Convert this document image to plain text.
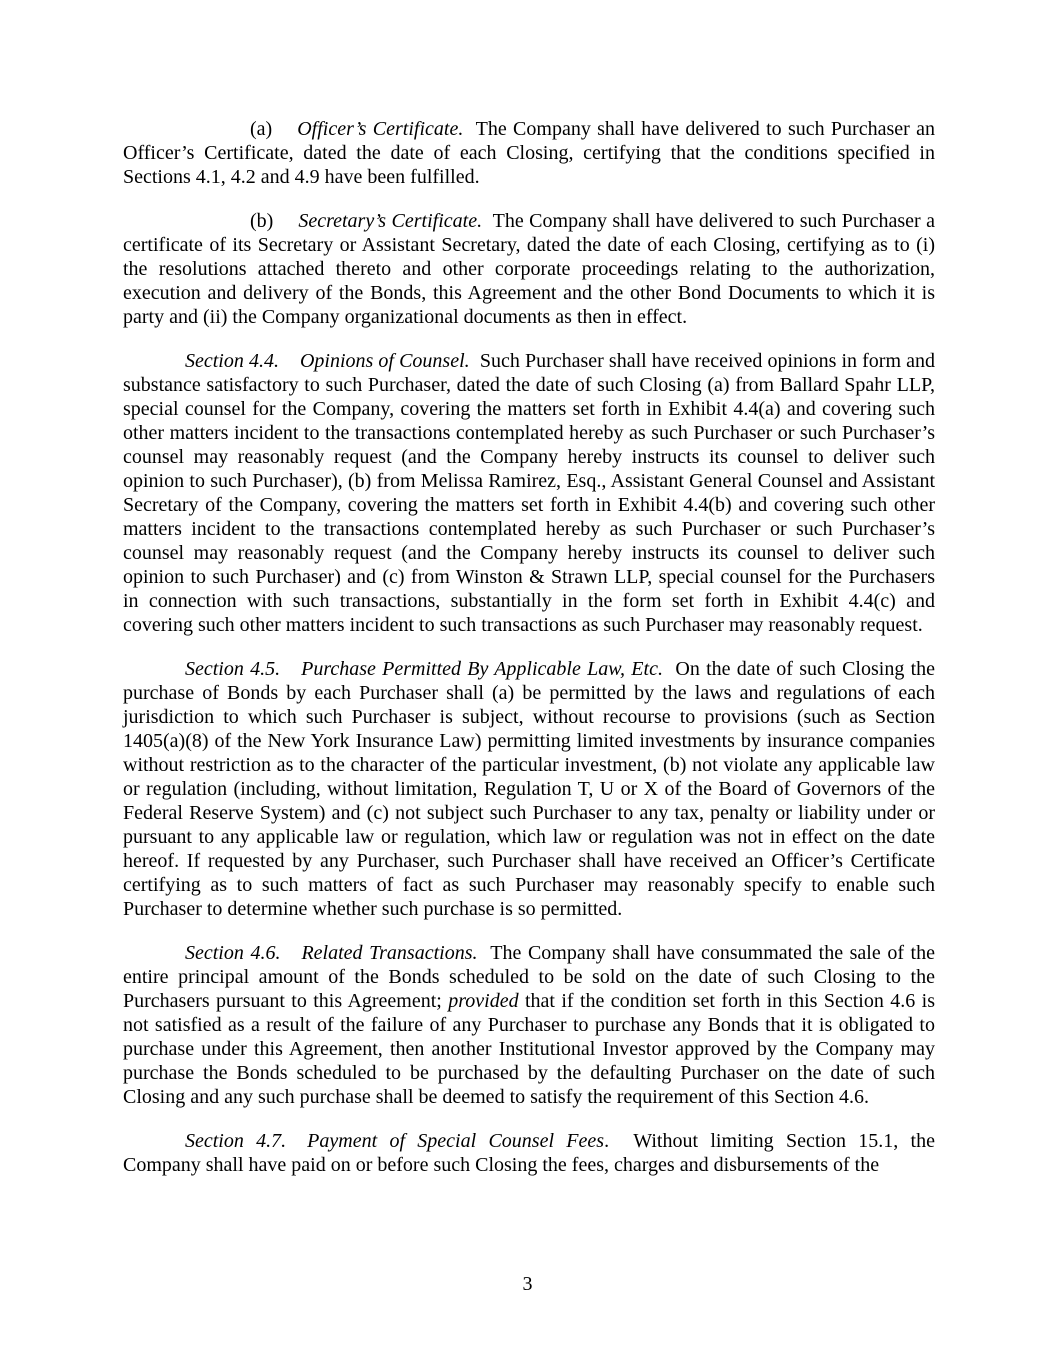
(a) Officer’s Certificate.  The Company shall have delivered to such Purchaser an Officer’s Certificate, dated the date of each Closing, certifying that the conditions specified in Sections 4.1, 4.2 and 4.9 have been fulfilled.

(b) Secretary’s Certificate.  The Company shall have delivered to such Purchaser a certificate of its Secretary or Assistant Secretary, dated the date of each Closing, certifying as to (i) the resolutions attached thereto and other corporate proceedings relating to the authorization, execution and delivery of the Bonds, this Agreement and the other Bond Documents to which it is party and (ii) the Company organizational documents as then in effect.

Section 4.4. Opinions of Counsel.  Such Purchaser shall have received opinions in form and substance satisfactory to such Purchaser, dated the date of such Closing (a) from Ballard Spahr LLP, special counsel for the Company, covering the matters set forth in Exhibit 4.4(a) and covering such other matters incident to the transactions contemplated hereby as such Purchaser or such Purchaser’s counsel may reasonably request (and the Company hereby instructs its counsel to deliver such opinion to such Purchaser), (b) from Melissa Ramirez, Esq., Assistant General Counsel and Assistant Secretary of the Company, covering the matters set forth in Exhibit 4.4(b) and covering such other matters incident to the transactions contemplated hereby as such Purchaser or such Purchaser’s counsel may reasonably request (and the Company hereby instructs its counsel to deliver such opinion to such Purchaser) and (c) from Winston & Strawn LLP, special counsel for the Purchasers in connection with such transactions, substantially in the form set forth in Exhibit 4.4(c) and covering such other matters incident to such transactions as such Purchaser may reasonably request.

Section 4.5. Purchase Permitted By Applicable Law, Etc.  On the date of such Closing the purchase of Bonds by each Purchaser shall (a) be permitted by the laws and regulations of each jurisdiction to which such Purchaser is subject, without recourse to provisions (such as Section 1405(a)(8) of the New York Insurance Law) permitting limited investments by insurance companies without restriction as to the character of the particular investment, (b) not violate any applicable law or regulation (including, without limitation, Regulation T, U or X of the Board of Governors of the Federal Reserve System) and (c) not subject such Purchaser to any tax, penalty or liability under or pursuant to any applicable law or regulation, which law or regulation was not in effect on the date hereof. If requested by any Purchaser, such Purchaser shall have received an Officer’s Certificate certifying as to such matters of fact as such Purchaser may reasonably specify to enable such Purchaser to determine whether such purchase is so permitted.

Section 4.6. Related Transactions.  The Company shall have consummated the sale of the entire principal amount of the Bonds scheduled to be sold on the date of such Closing to the Purchasers pursuant to this Agreement; provided that if the condition set forth in this Section 4.6 is not satisfied as a result of the failure of any Purchaser to purchase any Bonds that it is obligated to purchase under this Agreement, then another Institutional Investor approved by the Company may purchase the Bonds scheduled to be purchased by the defaulting Purchaser on the date of such Closing and any such purchase shall be deemed to satisfy the requirement of this Section 4.6.

Section 4.7. Payment of Special Counsel Fees.  Without limiting Section 15.1, the Company shall have paid on or before such Closing the fees, charges and disbursements of the

3
